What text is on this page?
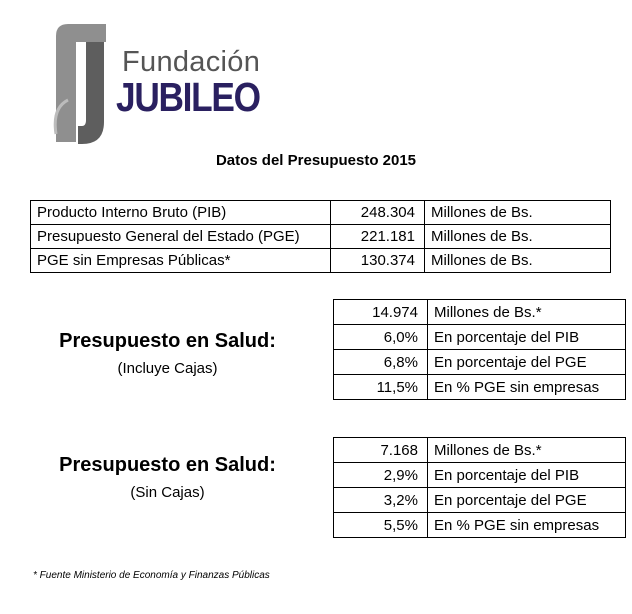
Fundación
JUBILEO
Datos del Presupuesto 2015
Producto Interno Bruto (PIB)	248.304	Millones de Bs.
Presupuesto General del Estado (PGE)	221.181	Millones de Bs.
PGE sin Empresas Públicas*	130.374	Millones de Bs.
Presupuesto en Salud:
(Incluye Cajas)
14.974	Millones de Bs.*
6,0%	En porcentaje del PIB
6,8%	En porcentaje del PGE
11,5%	En % PGE sin empresas
Presupuesto en Salud:
(Sin Cajas)
7.168	Millones de Bs.*
2,9%	En porcentaje del PIB
3,2%	En porcentaje del PGE
5,5%	En % PGE sin empresas
* Fuente Ministerio de Economía y Finanzas Públicas
